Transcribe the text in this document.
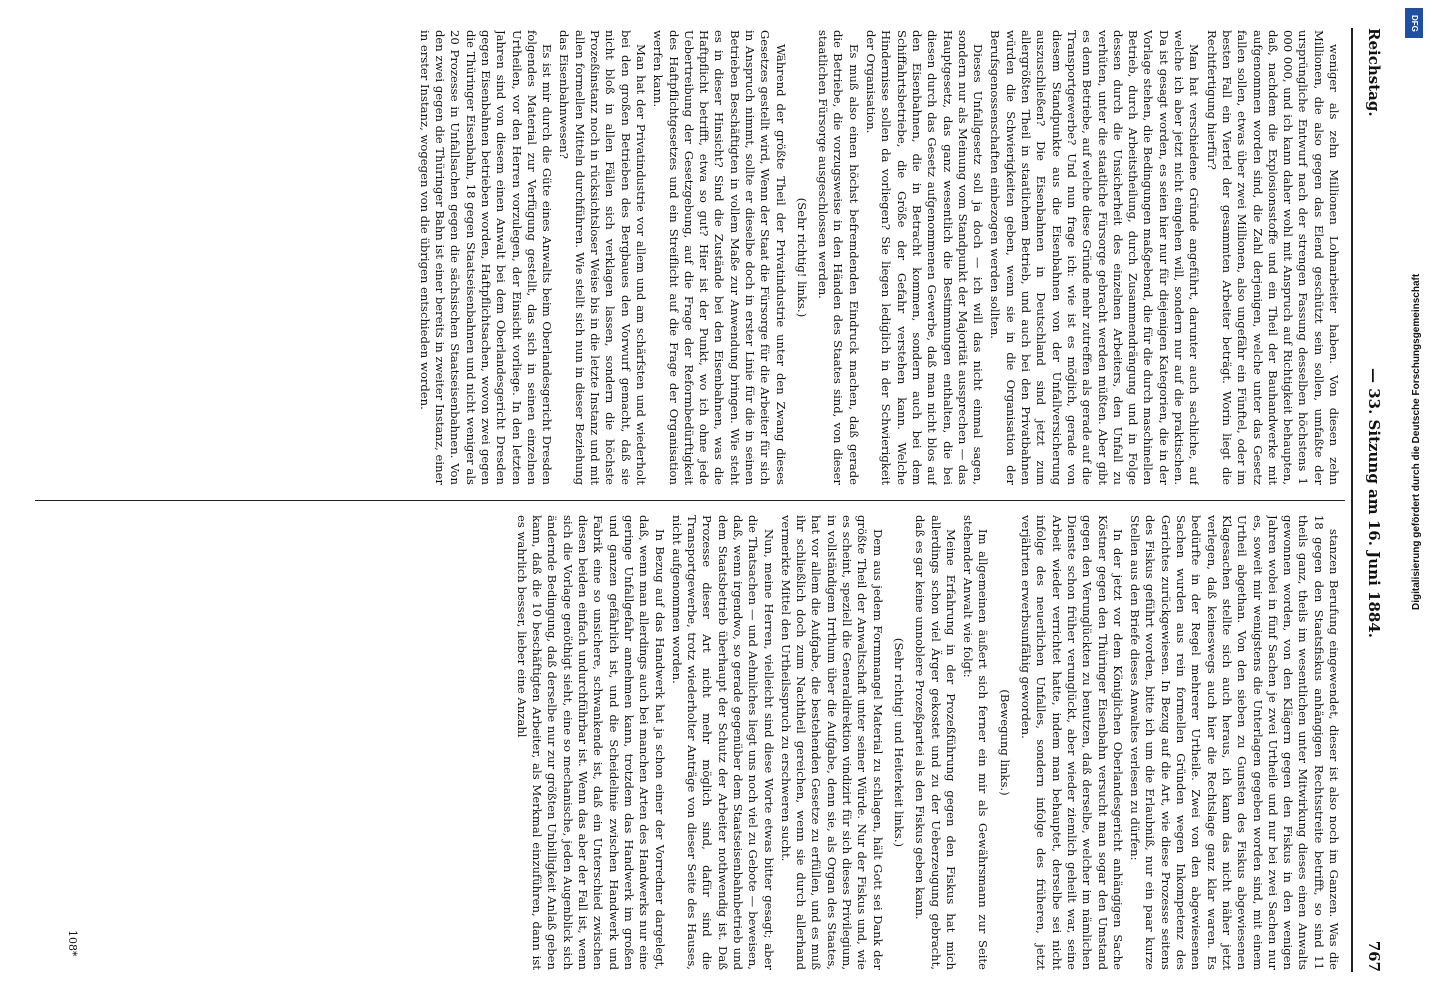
Reichstag.
— 33. Sitzung am 16. Juni 1884.
767

weniger als zehn Millionen Lohnarbeiter haben. Von diesen zehn Millionen, die also gegen das Elend geschützt sein sollen, umfaßte der ursprüngliche Entwurf nach der strengen Fassung desselben höchstens 1 000 000, und ich kann daher wohl mit Anspruch auf Richtigkeit behaupten, daß, nachdem die Explosionsstoffe und ein Theil der Bauhandwerke mit aufgenommen worden sind, die Zahl derjenigen, welche unter das Gesetz fallen sollen, etwas über zwei Millionen, also ungefähr ein Fünftel, oder im besten Fall ein Viertel der gesammten Arbeiter beträgt. Worin liegt die Rechtfertigung hierfür?

Man hat verschiedene Gründe angeführt, darunter auch sachliche, auf welche ich aber jetzt nicht eingehen will, sondern nur auf die praktischen. Da ist gesagt worden, es seien hier nur für diejenigen Kategorien, die in der Vorlage stehen, die Bedingungen maßgebend, die für die durch maschinellen Betrieb, durch Arbeitstheilung, durch Zusammendrängung und in Folge dessen durch die Unsicherheit des einzelnen Arbeiters, den Unfall zu verhüten, unter die staatliche Fürsorge gebracht werden müßten. Aber gibt es denn Betriebe, auf welche diese Gründe mehr zutreffen als gerade auf die Transportgewerbe? Und nun frage ich: wie ist es möglich, gerade von diesem Standpunkte aus die Eisenbahnen von der Unfallversicherung auszuschließen? Die Eisenbahnen in Deutschland sind jetzt zum allergrößten Theil in staatlichem Betrieb, und auch bei den Privatbahnen würden die Schwierigkeiten geben, wenn sie in die Organisation der Berufsgenossenschaften einbezogen werden sollten.

Dieses Unfallgesetz soll ja doch — ich will das nicht einmal sagen, sondern nur als Meinung vom Standpunkt der Majorität aussprechen — das Hauptgesetz, das ganz wesentlich die Bestimmungen enthalten, die bei diesen durch das Gesetz aufgenommenen Gewerbe, daß man nicht blos auf den Eisenbahnen, die in Betracht kommen, sondern auch bei dem Schiffahrtsbetriebe, die Größe der Gefahr verstehen kann. Welche Hindernisse sollen da vorliegen? Sie liegen lediglich in der Schwierigkeit der Organisation.

Es muß also einen höchst befremdenden Eindruck machen, daß gerade die Betriebe, die vorzugsweise in den Händen des Staates sind, von dieser staatlichen Fürsorge ausgeschlossen werden.

(Sehr richtig! links.)

Während der größte Theil der Privatindustrie unter den Zwang dieses Gesetzes gestellt wird, Wenn der Staat die Fürsorge für die Arbeiter für sich in Anspruch nimmt, sollte er dieselbe doch in erster Linie für die in seinen Betrieben Beschäftigten in vollem Maße zur Anwendung bringen. Wie steht es in dieser Hinsicht? Sind die Zustände bei den Eisenbahnen, was die Haftpflicht betrifft, etwa so gut? Hier ist der Punkt, wo ich ohne jede Uebertreibung der Gesetzgebung, auf die Frage der Reformbedürftigkeit des Haftpflichtgesetzes und ein Streiflicht auf die Frage der Organisation werfen kann.

Man hat der Privatindustrie vor allem und am schärfsten und wiederholt bei den großen Betrieben des Bergbaues den Vorwurf gemacht, daß sie nicht bloß in allen Fällen sich verklagen lassen, sondern die höchste Prozeßinstanz noch in rücksichtsloser Weise bis in die letzte Instanz und mit allen formellen Mitteln durchführen. Wie stellt sich nun in dieser Beziehung das Eisenbahnwesen?

Es ist mir durch die Güte eines Anwalts beim Oberlandesgericht Dresden folgendes Material zur Verfügung gestellt, das sich in seinen einzelnen Urtheilen, vor den Herren vorzulegen, der Einsicht vorliege. In den letzten Jahren sind von diesem einen Anwalt bei dem Oberlandesgericht Dresden gegen Eisenbahnen betrieben worden, Haftpflichtsachen, wovon zwei gegen die Thüringer Eisenbahn, 18 gegen Staatseisenbahnen und nicht weniger als 20 Prozesse in Unfallsachen gegen die sächsischen Staatseisenbahnen. Von den zwei gegen die Thüringer Bahn ist einer bereits in zweiter Instanz, einer in erster Instanz, wogegen von die übrigen entschieden worden.

stanzen Berufung eingewendet, dieser ist also noch im Ganzen. Was die 18 gegen den Staatsfiskus anhängigen Rechtsstreite betrifft, so sind 11 theils ganz, theils im wesentlichen unter Mitwirkung dieses einen Anwalts gewonnen worden, von den Klägern gegen den Fiskus in den wenigen Jahren wobei in fünf Sachen je zwei Urtheile und nur bei zwei Sachen nur es, soweit mir wenigstens die Unterlagen gegeben worden sind, mit einem Urtheil abgethan. Von den sieben zu Gunsten des Fiskus abgewiesenen Klagesachen stellte sich auch heraus, ich kann das nicht näher jetzt verlegen, daß keineswegs auch hier die Rechtslage ganz klar waren. Es bedürfte in der Regel mehrerer Urtheile. Zwei von den abgewiesenen Sachen wurden aus rein formellen Gründen wegen Inkompetenz des Gerichtes zurückgewiesen. In Bezug auf die Art, wie diese Prozesse seitens des Fiskus geführt worden, bitte ich um die Erlaubniß, nur ein paar kurze Stellen aus den Briefe dieses Anwaltes verlesen zu dürfen:

In der jetzt vor dem Königlichen Oberlandesgericht anhängigen Sache Köstner gegen den Thüringer Eisenbahn versucht man sogar den Umstand gegen den Verunglückten zu benutzen, daß derselbe, welcher im nämlichen Dienste schon früher verunglückt, aber wieder ziemlich geheilt war, seine Arbeit wieder verrichtet hatte, indem man behauptet, derselbe sei nicht infolge des neuerlichen Unfalles, sondern infolge des früheren, jetzt verjährten erwerbsunfähig geworden.

(Bewegung links.)

Im allgemeinen äußert sich ferner ein mir als Gewährsmann zur Seite stehender Anwalt wie folgt:

Meine Erfahrung in der Prozeßführung gegen den Fiskus hat mich allerdings schon viel Ärger gekostet und zu der Ueberzeugung gebracht, daß es gar keine unnoblere Prozeßpartei als den Fiskus geben kann.

(Sehr richtig! und Heiterkeit links.)

Dem aus jedem Formmangel Material zu schlagen, hält Gott sei Dank der größte Theil der Anwaltschaft unter seiner Würde. Nur der Fiskus und, wie es scheint, speziell die Generaldirektion vindizirt für sich dieses Privilegium, in vollständigem Irrthum über die Aufgabe, denn sie, als Organ des Staates, hat vor allem die Aufgabe, die bestehenden Gesetze zu erfüllen, und es muß ihr schließlich doch zum Nachtheil gereichen, wenn sie durch allerhand vermerkte Mittel den Urtheilsspruch zu erschweren sucht.

Nun, meine Herren, vielleicht sind diese Worte etwas bitter gesagt; aber die Thatsachen — und Aehnliches liegt uns noch viel zu Gebote — beweisen, daß, wenn irgendwo, so gerade gegenüber dem Staatseisenbahnbetrieb und dem Staatsbetrieb überhaupt der Schutz der Arbeiter nothwendig ist. Daß Prozesse dieser Art nicht mehr möglich sind, dafür sind die Transportgewerbe, trotz wiederholter Anträge von dieser Seite des Hauses, nicht aufgenommen worden.

In Bezug auf das Handwerk hat ja schon einer der Vorredner dargelegt, daß, wenn man allerdings auch bei manchen Arten des Handwerks nur eine geringe Unfallgefahr annehmen kann, trotzdem das Handwerk im großen und ganzen gefährlich ist, und die Scheidelinie zwischen Handwerk und Fabrik eine so unsichere, schwankende ist, daß ein Unterschied zwischen diesen beiden einfach undurchführbar ist. Wenn das aber der Fall ist, wenn sich die Vorlage genöthigt sieht, eine so mechanische, jeden Augenblick sich ändernde Bedingung, daß derselbe nur zur größten Unbilligkeit Anlaß geben kann, daß die 10 beschäftigten Arbeiter, als Merkmal einzuführen, dann ist es wahrlich besser, lieber eine Anzahl

108*
DFG
Digitalisierung gefördert durch die Deutsche Forschungsgemeinschaft
